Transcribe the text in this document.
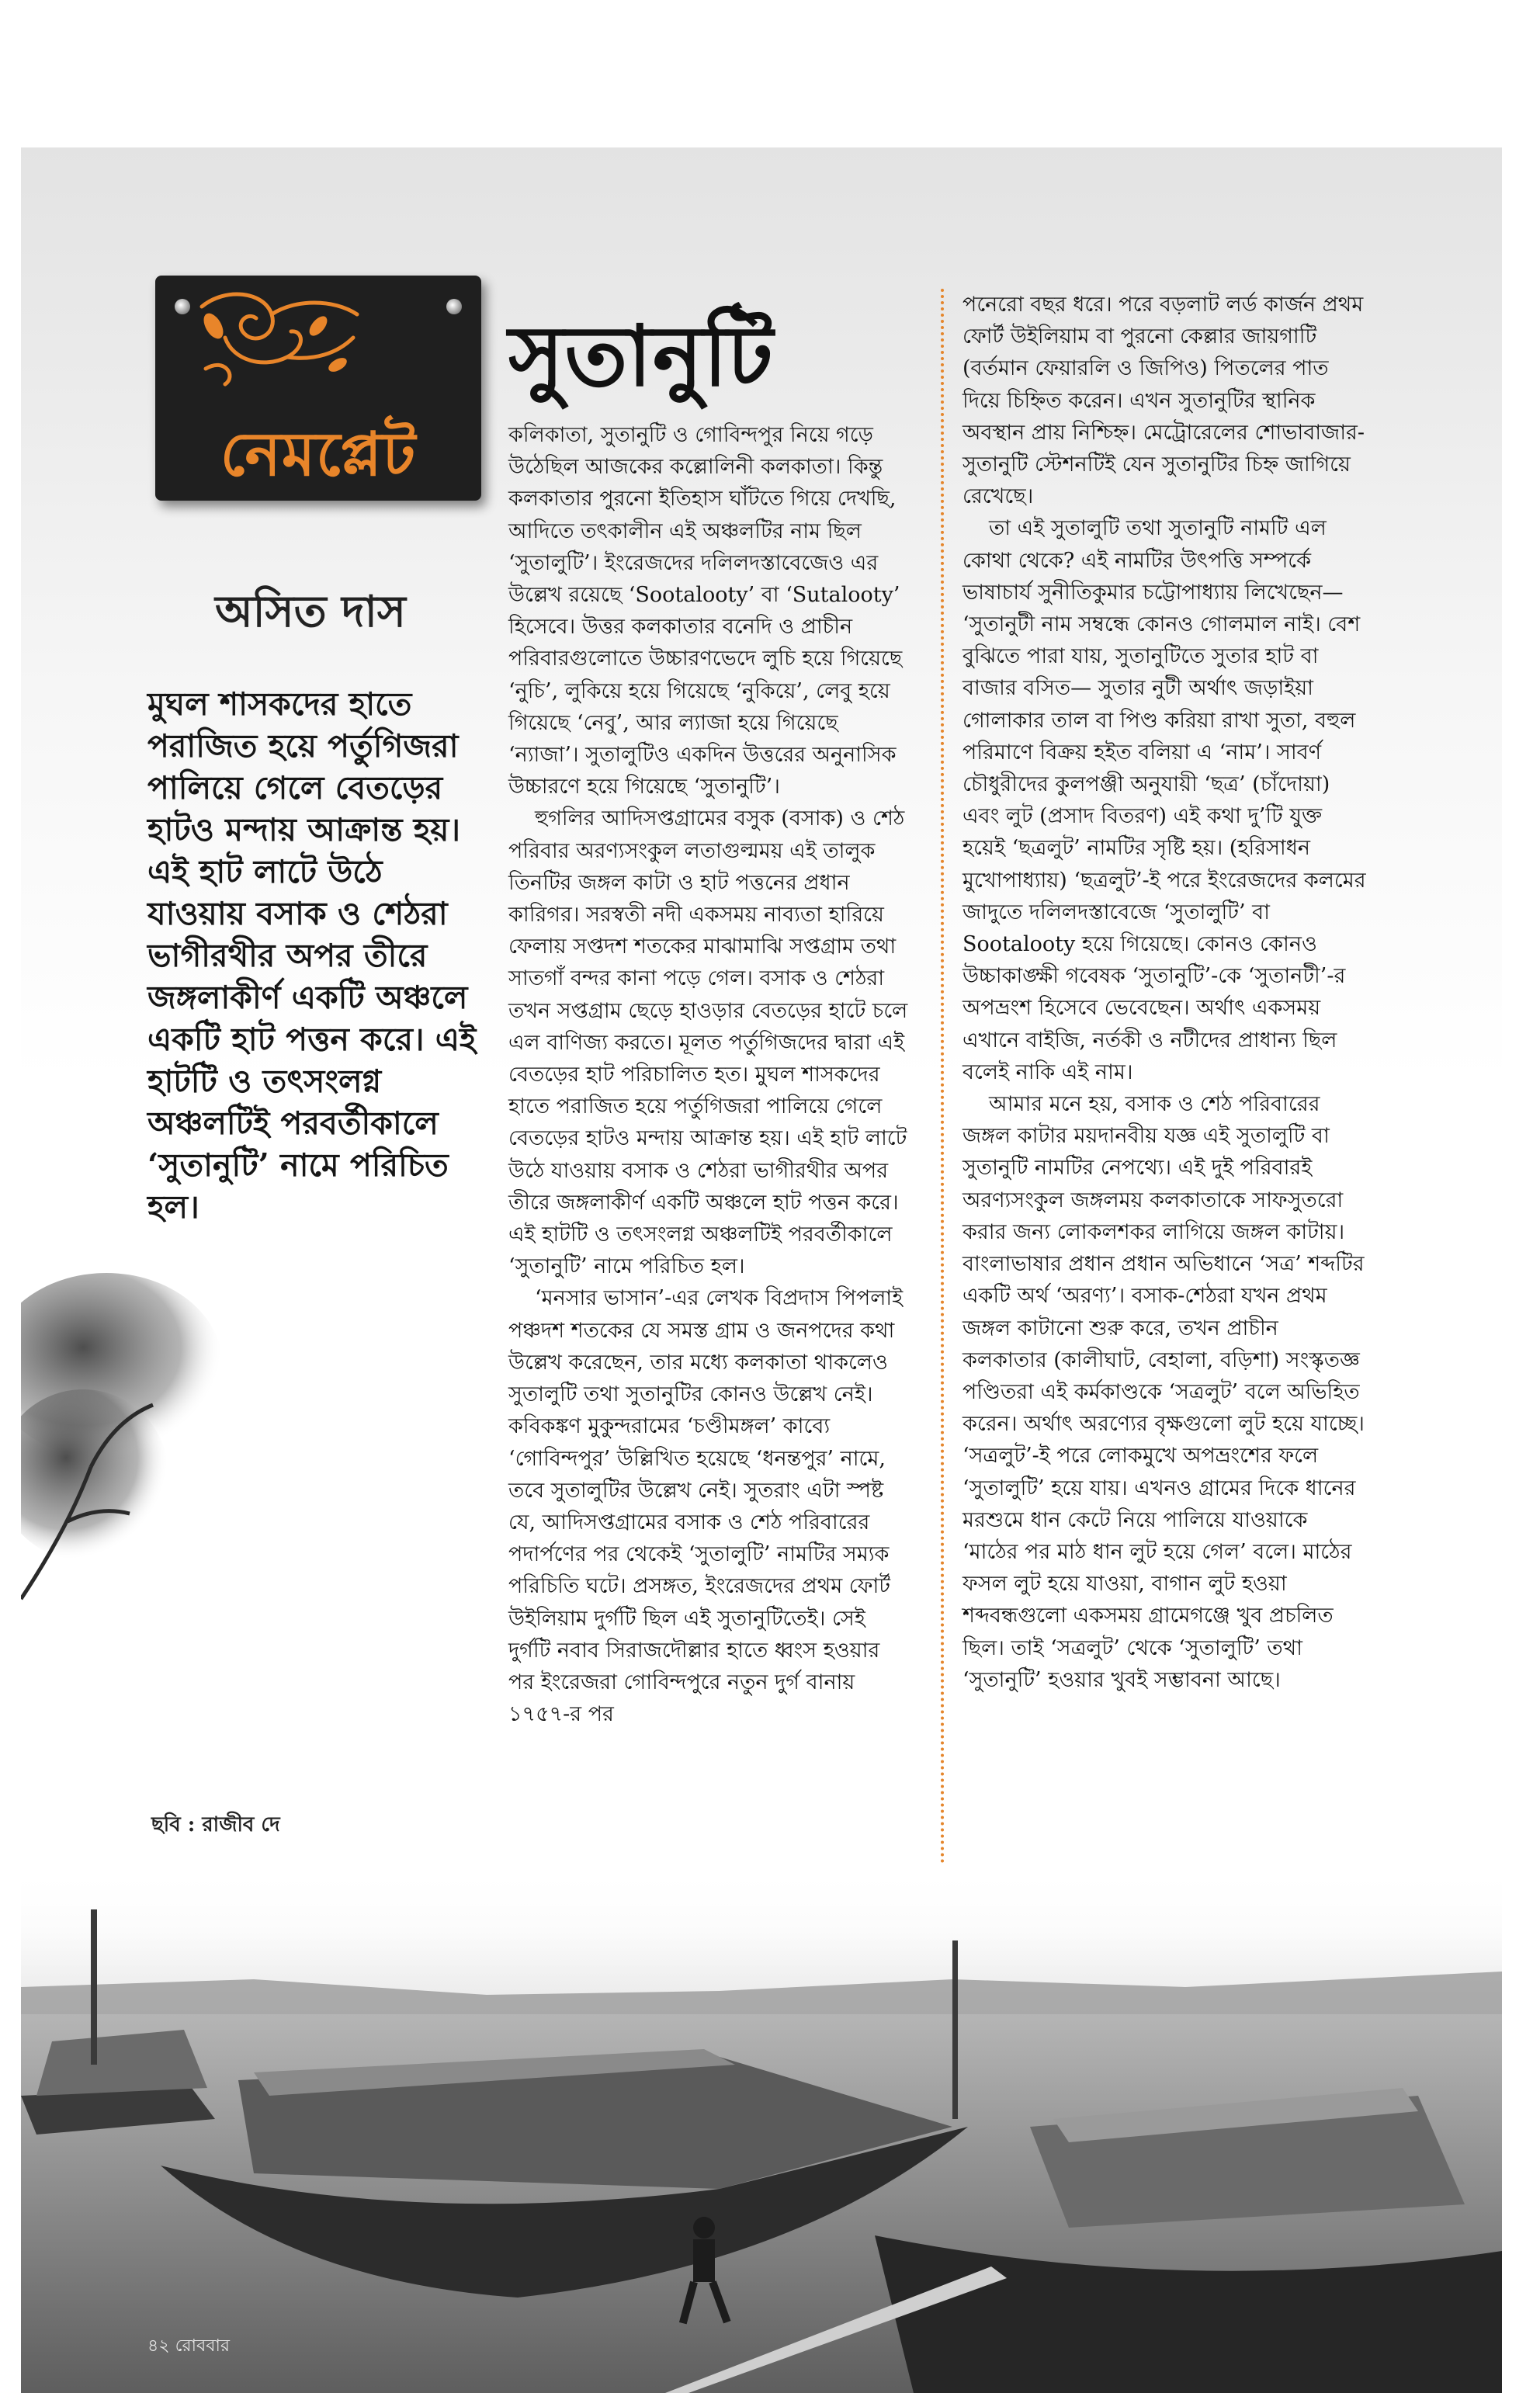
নেমপ্লেট
অসিত দাস
মুঘল শাসকদের হাতে পরাজিত হয়ে পর্তুগিজরা পালিয়ে গেলে বেতড়ের হাটও মন্দায় আক্রান্ত হয়। এই হাট লাটে উঠে যাওয়ায় বসাক ও শেঠরা ভাগীরথীর অপর তীরে জঙ্গলাকীর্ণ একটি অঞ্চলে একটি হাট পত্তন করে। এই হাটটি ও তৎসংলগ্ন অঞ্চলটিই পরবর্তীকালে ‘সুতানুটি’ নামে পরিচিত হল।
সুতানুটি

কলিকাতা, সুতানুটি ও গোবিন্দপুর নিয়ে গড়ে উঠেছিল আজকের কল্লোলিনী কলকাতা। কিন্তু কলকাতার পুরনো ইতিহাস ঘাঁটতে গিয়ে দেখছি, আদিতে তৎকালীন এই অঞ্চলটির নাম ছিল ‘সুতালুটি’। ইংরেজদের দলিলদস্তাবেজেও এর উল্লেখ রয়েছে ‘Sootalooty’ বা ‘Sutalooty’ হিসেবে। উত্তর কলকাতার বনেদি ও প্রাচীন পরিবারগুলোতে উচ্চারণভেদে লুচি হয়ে গিয়েছে ‘নুচি’, লুকিয়ে হয়ে গিয়েছে ‘নুকিয়ে’, লেবু হয়ে গিয়েছে ‘নেবু’, আর ল্যাজা হয়ে গিয়েছে ‘ন্যাজা’। সুতালুটিও একদিন উত্তরের অনুনাসিক উচ্চারণে হয়ে গিয়েছে ‘সুতানুটি’।

হুগলির আদিসপ্তগ্রামের বসুক (বসাক) ও শেঠ পরিবার অরণ্যসংকুল লতাগুল্মময় এই তালুক তিনটির জঙ্গল কাটা ও হাট পত্তনের প্রধান কারিগর। সরস্বতী নদী একসময় নাব্যতা হারিয়ে ফেলায় সপ্তদশ শতকের মাঝামাঝি সপ্তগ্রাম তথা সাতগাঁ বন্দর কানা পড়ে গেল। বসাক ও শেঠরা তখন সপ্তগ্রাম ছেড়ে হাওড়ার বেতড়ের হাটে চলে এল বাণিজ্য করতে। মূলত পর্তুগিজদের দ্বারা এই বেতড়ের হাট পরিচালিত হত। মুঘল শাসকদের হাতে পরাজিত হয়ে পর্তুগিজরা পালিয়ে গেলে বেতড়ের হাটও মন্দায় আক্রান্ত হয়। এই হাট লাটে উঠে যাওয়ায় বসাক ও শেঠরা ভাগীরথীর অপর তীরে জঙ্গলাকীর্ণ একটি অঞ্চলে হাট পত্তন করে। এই হাটটি ও তৎসংলগ্ন অঞ্চলটিই পরবর্তীকালে ‘সুতানুটি’ নামে পরিচিত হল।

‘মনসার ভাসান’-এর লেখক বিপ্রদাস পিপলাই পঞ্চদশ শতকের যে সমস্ত গ্রাম ও জনপদের কথা উল্লেখ করেছেন, তার মধ্যে কলকাতা থাকলেও সুতালুটি তথা সুতানুটির কোনও উল্লেখ নেই। কবিকঙ্কণ মুকুন্দরামের ‘চণ্ডীমঙ্গল’ কাব্যে ‘গোবিন্দপুর’ উল্লিখিত হয়েছে ‘ধনন্তপুর’ নামে, তবে সুতালুটির উল্লেখ নেই। সুতরাং এটা স্পষ্ট যে, আদিসপ্তগ্রামের বসাক ও শেঠ পরিবারের পদার্পণের পর থেকেই ‘সুতালুটি’ নামটির সম্যক পরিচিতি ঘটে। প্রসঙ্গত, ইংরেজদের প্রথম ফোর্ট উইলিয়াম দুর্গটি ছিল এই সুতানুটিতেই। সেই দুর্গটি নবাব সিরাজদৌল্লার হাতে ধ্বংস হওয়ার পর ইংরেজরা গোবিন্দপুরে নতুন দুর্গ বানায় ১৭৫৭-র পর

পনেরো বছর ধরে। পরে বড়লাট লর্ড কার্জন প্রথম ফোর্ট উইলিয়াম বা পুরনো কেল্লার জায়গাটি (বর্তমান ফেয়ারলি ও জিপিও) পিতলের পাত দিয়ে চিহ্নিত করেন। এখন সুতানুটির স্থানিক অবস্থান প্রায় নিশ্চিহ্ন। মেট্রোরেলের শোভাবাজার-সুতানুটি স্টেশনটিই যেন সুতানুটির চিহ্ন জাগিয়ে রেখেছে।

তা এই সুতালুটি তথা সুতানুটি নামটি এল কোথা থেকে? এই নামটির উৎপত্তি সম্পর্কে ভাষাচার্য সুনীতিকুমার চট্টোপাধ্যায় লিখেছেন— ‘সুতানুটী নাম সম্বন্ধে কোনও গোলমাল নাই। বেশ বুঝিতে পারা যায়, সুতানুটিতে সুতার হাট বা বাজার বসিত— সুতার নুটী অর্থাৎ জড়াইয়া গোলাকার তাল বা পিণ্ড করিয়া রাখা সুতা, বহুল পরিমাণে বিক্রয় হইত বলিয়া এ ‘নাম’। সাবর্ণ চৌধুরীদের কুলপঞ্জী অনুযায়ী ‘ছত্র’ (চাঁদোয়া) এবং লুট (প্রসাদ বিতরণ) এই কথা দু’টি যুক্ত হয়েই ‘ছত্রলুট’ নামটির সৃষ্টি হয়। (হরিসাধন মুখোপাধ্যায়) ‘ছত্রলুট’-ই পরে ইংরেজদের কলমের জাদুতে দলিলদস্তাবেজে ‘সুতালুটি’ বা Sootalooty হয়ে গিয়েছে। কোনও কোনও উচ্চাকাঙ্ক্ষী গবেষক ‘সুতানুটি’-কে ‘সুতানটী’-র অপভ্রংশ হিসেবে ভেবেছেন। অর্থাৎ একসময় এখানে বাইজি, নর্তকী ও নটীদের প্রাধান্য ছিল বলেই নাকি এই নাম।

আমার মনে হয়, বসাক ও শেঠ পরিবারের জঙ্গল কাটার ময়দানবীয় যজ্ঞ এই সুতালুটি বা সুতানুটি নামটির নেপথ্যে। এই দুই পরিবারই অরণ্যসংকুল জঙ্গলময় কলকাতাকে সাফসুতরো করার জন্য লোকলশকর লাগিয়ে জঙ্গল কাটায়। বাংলাভাষার প্রধান প্রধান অভিধানে ‘সত্র’ শব্দটির একটি অর্থ ‘অরণ্য’। বসাক-শেঠরা যখন প্রথম জঙ্গল কাটানো শুরু করে, তখন প্রাচীন কলকাতার (কালীঘাট, বেহালা, বড়িশা) সংস্কৃতজ্ঞ পণ্ডিতরা এই কর্মকাণ্ডকে ‘সত্রলুট’ বলে অভিহিত করেন। অর্থাৎ অরণ্যের বৃক্ষগুলো লুট হয়ে যাচ্ছে। ‘সত্রলুট’-ই পরে লোকমুখে অপভ্রংশের ফলে ‘সুতালুটি’ হয়ে যায়। এখনও গ্রামের দিকে ধানের মরশুমে ধান কেটে নিয়ে পালিয়ে যাওয়াকে ‘মাঠের পর মাঠ ধান লুট হয়ে গেল’ বলে। মাঠের ফসল লুট হয়ে যাওয়া, বাগান লুট হওয়া শব্দবন্ধগুলো একসময় গ্রামেগঞ্জে খুব প্রচলিত ছিল। তাই ‘সত্রলুট’ থেকে ‘সুতালুটি’ তথা ‘সুতানুটি’ হওয়ার খুবই সম্ভাবনা আছে।

ছবি : রাজীব দে
৪২ রোববার
